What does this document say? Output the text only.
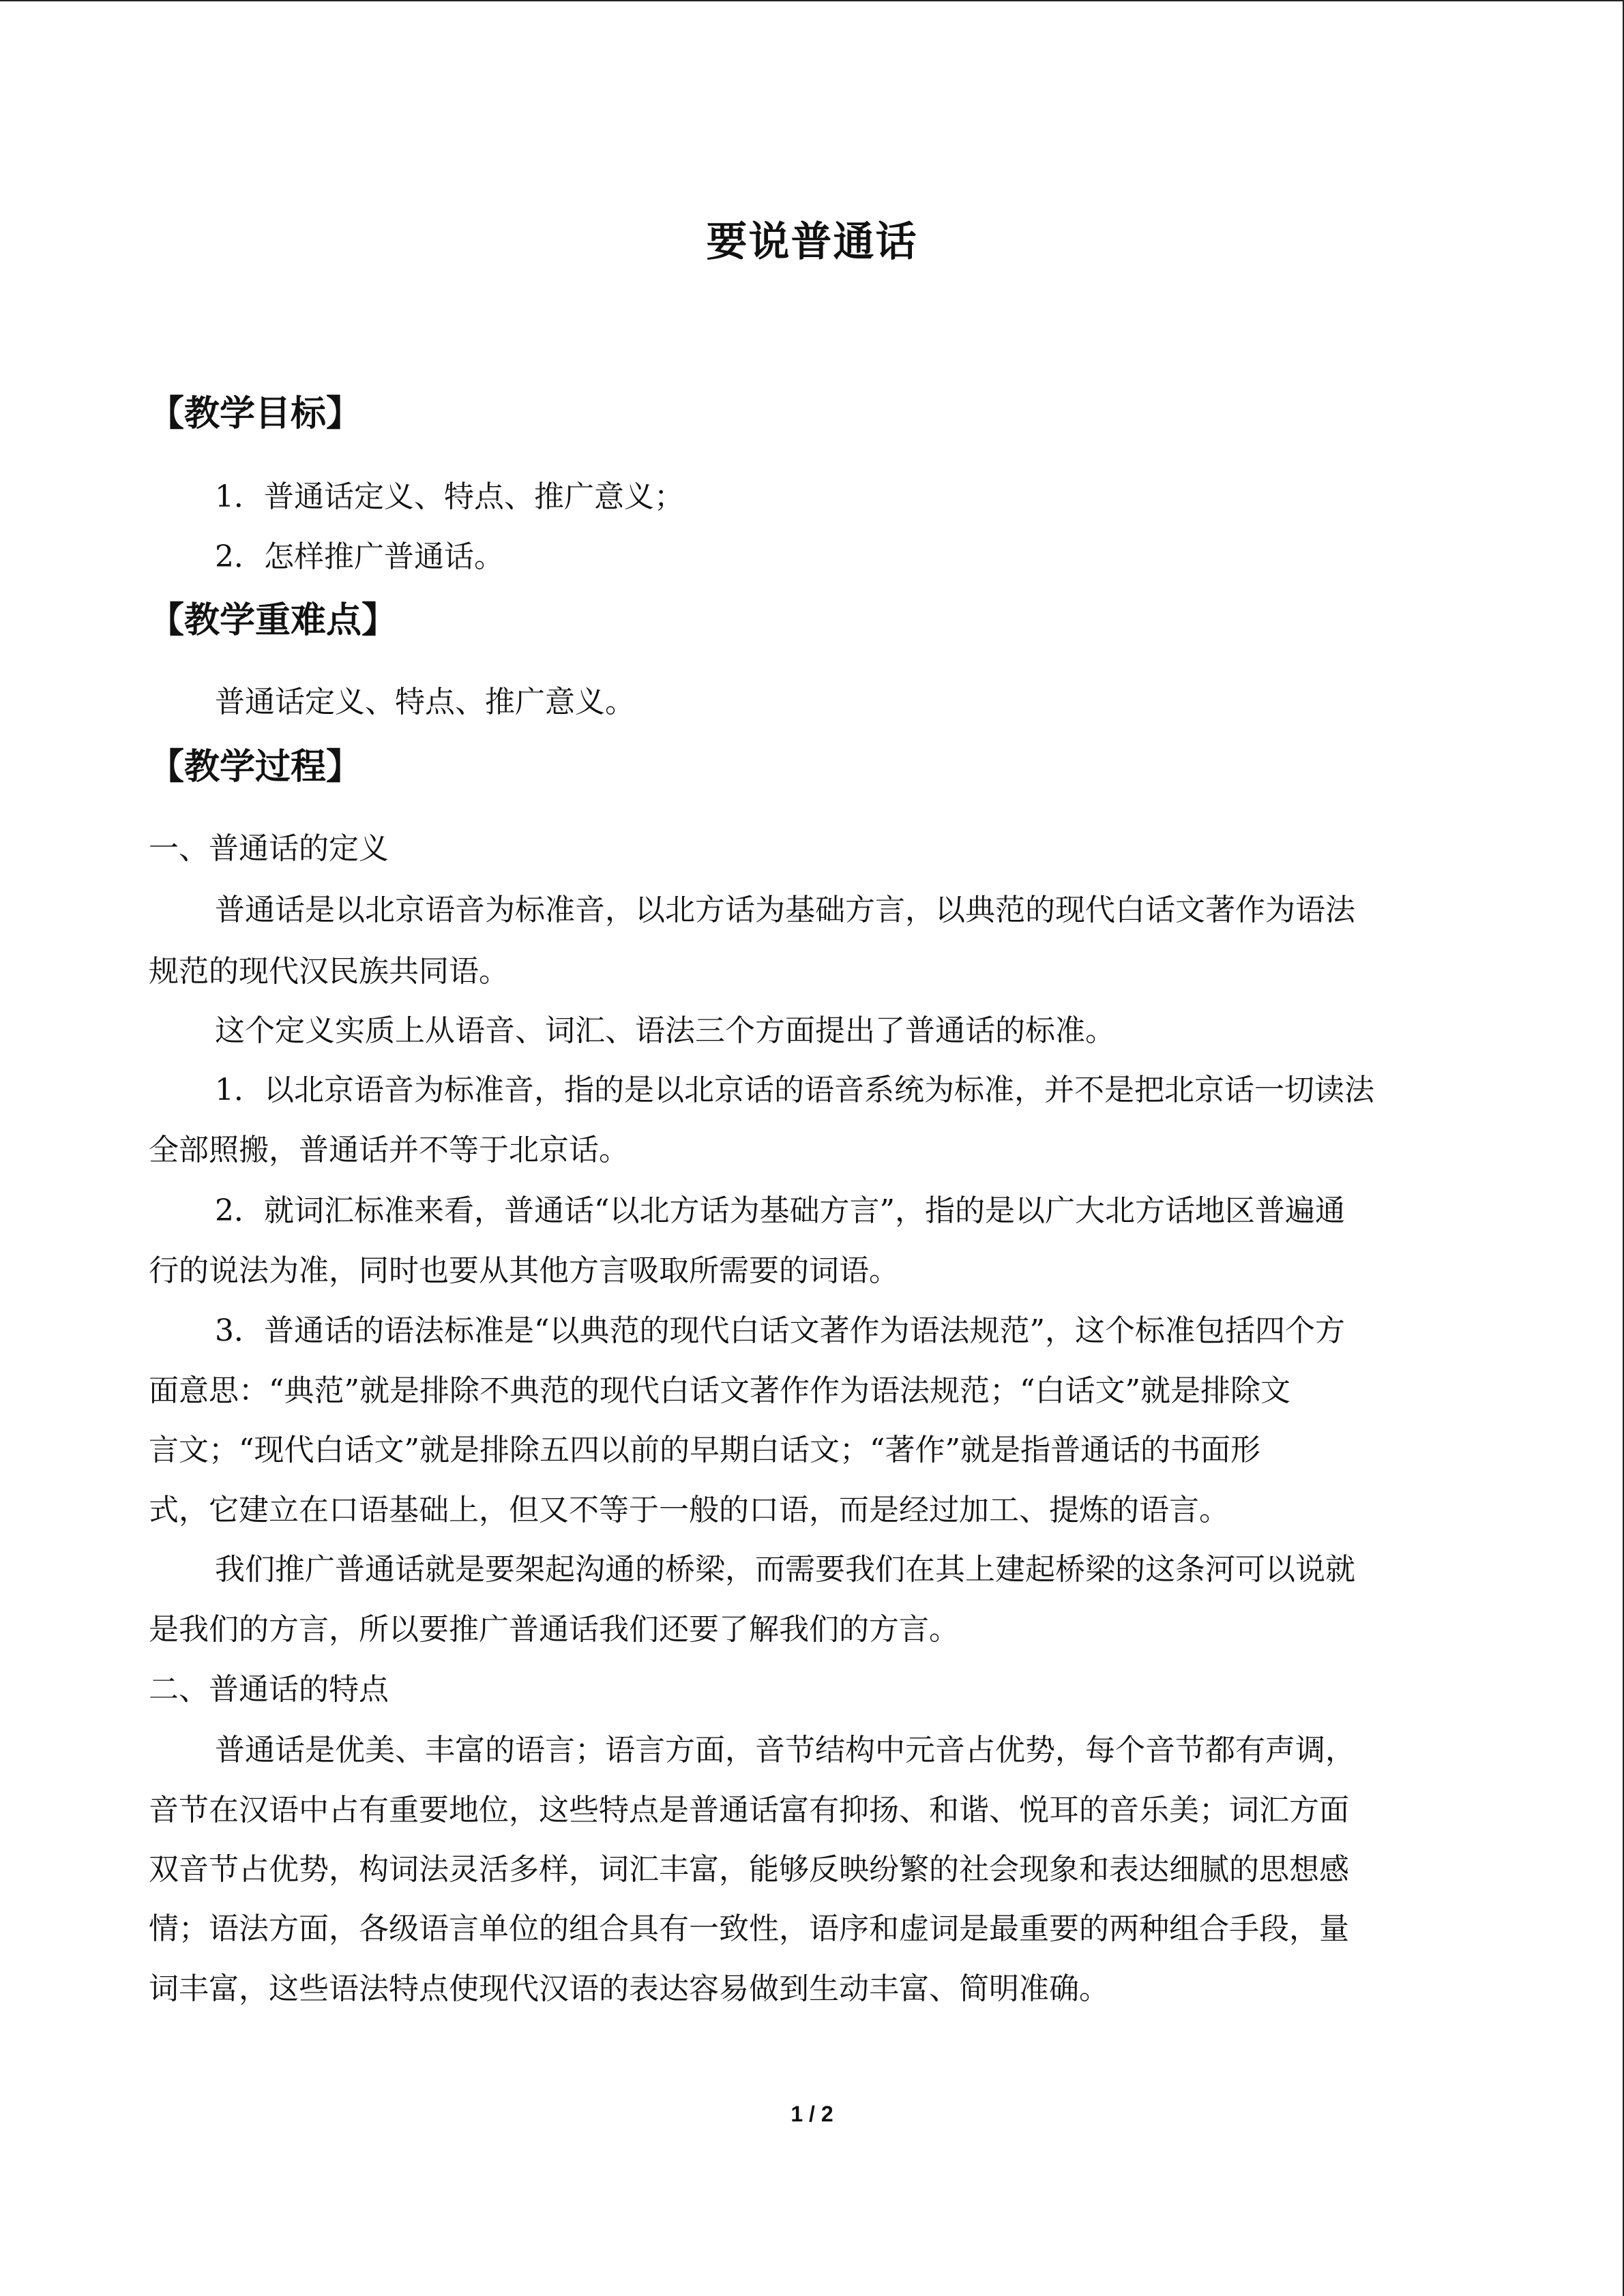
要说普通话
【教学目标】
1．普通话定义、特点、推广意义；
2．怎样推广普通话。
【教学重难点】
普通话定义、特点、推广意义。
【教学过程】
一、普通话的定义
普通话是以北京语音为标准音，以北方话为基础方言，以典范的现代白话文著作为语法
规范的现代汉民族共同语。
这个定义实质上从语音、词汇、语法三个方面提出了普通话的标准。
1．以北京语音为标准音，指的是以北京话的语音系统为标准，并不是把北京话一切读法
全部照搬，普通话并不等于北京话。
2．就词汇标准来看，普通话“以北方话为基础方言”，指的是以广大北方话地区普遍通
行的说法为准，同时也要从其他方言吸取所需要的词语。
3．普通话的语法标准是“以典范的现代白话文著作为语法规范”，这个标准包括四个方
面意思：“典范”就是排除不典范的现代白话文著作作为语法规范；“白话文”就是排除文
言文；“现代白话文”就是排除五四以前的早期白话文；“著作”就是指普通话的书面形
式，它建立在口语基础上，但又不等于一般的口语，而是经过加工、提炼的语言。
我们推广普通话就是要架起沟通的桥梁，而需要我们在其上建起桥梁的这条河可以说就
是我们的方言，所以要推广普通话我们还要了解我们的方言。
二、普通话的特点
普通话是优美、丰富的语言；语言方面，音节结构中元音占优势，每个音节都有声调，
音节在汉语中占有重要地位，这些特点是普通话富有抑扬、和谐、悦耳的音乐美；词汇方面
双音节占优势，构词法灵活多样，词汇丰富，能够反映纷繁的社会现象和表达细腻的思想感
情；语法方面，各级语言单位的组合具有一致性，语序和虚词是最重要的两种组合手段，量
词丰富，这些语法特点使现代汉语的表达容易做到生动丰富、简明准确。
1 / 2
